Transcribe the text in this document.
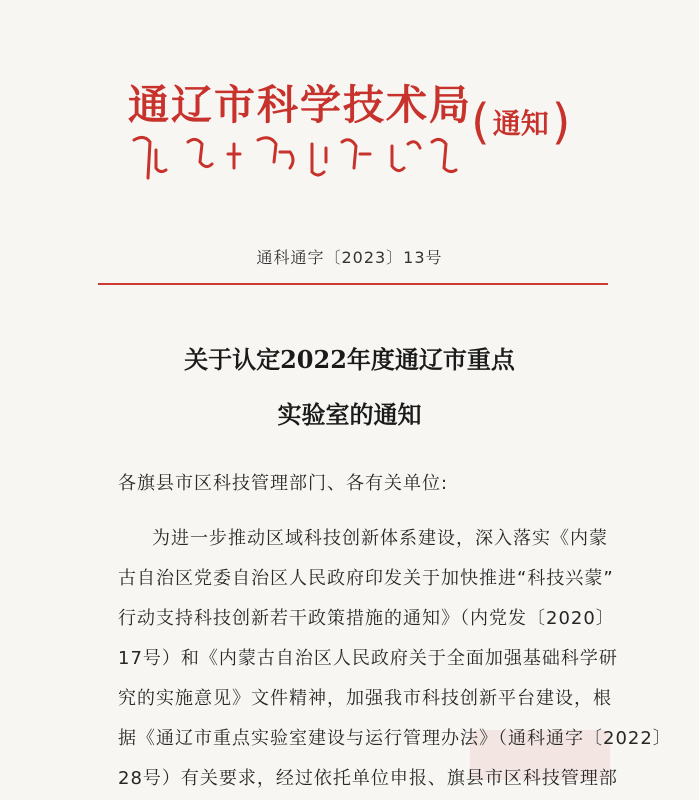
通辽市科学技术局 ( 通知 )
通科通字〔2023〕13号
关于认定2022年度通辽市重点
实验室的通知
各旗县市区科技管理部门、各有关单位:
为进一步推动区域科技创新体系建设，深入落实《内蒙
古自治区党委自治区人民政府印发关于加快推进“科技兴蒙”
行动支持科技创新若干政策措施的通知》（内党发〔2020〕
17号）和《内蒙古自治区人民政府关于全面加强基础科学研
究的实施意见》文件精神，加强我市科技创新平台建设，根
据《通辽市重点实验室建设与运行管理办法》（通科通字〔2022〕
28号）有关要求，经过依托单位申报、旗县市区科技管理部
